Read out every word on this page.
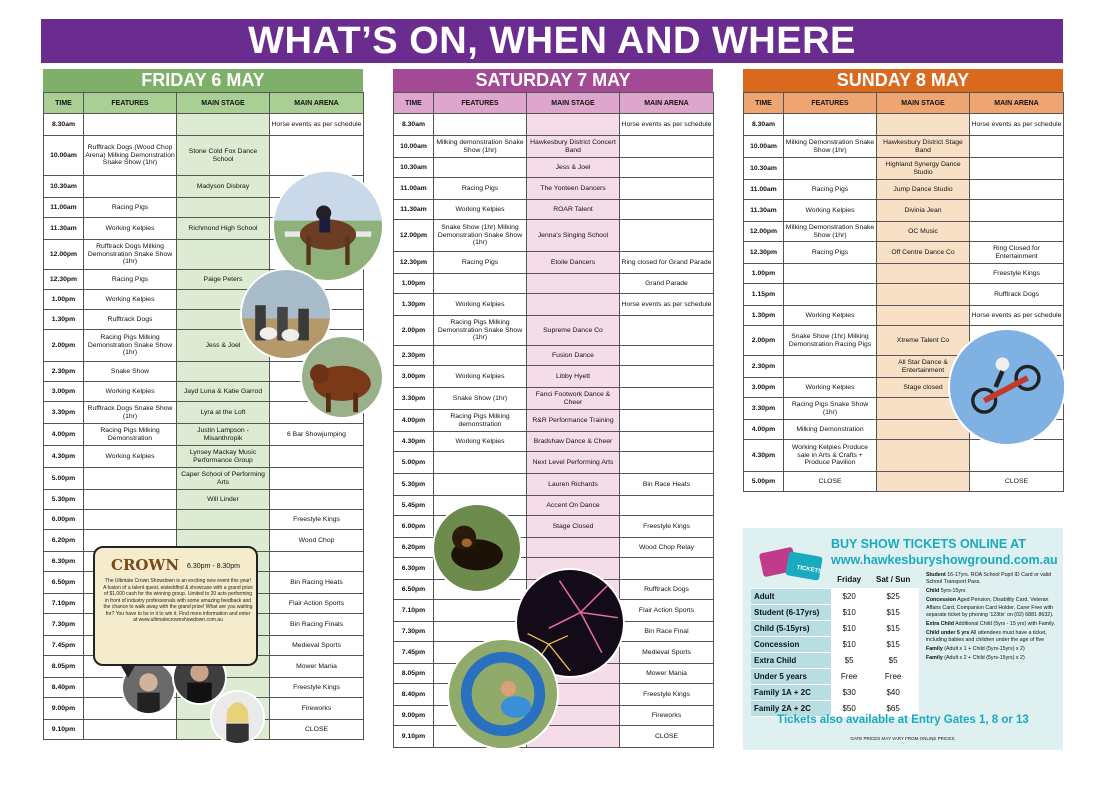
WHAT’S ON, WHEN AND WHERE
FRIDAY 6 MAY
TIME	FEATURES	MAIN STAGE	MAIN ARENA
8.30am			Horse events as per schedule
10.00am	Rufftrack Dogs (Wood Chop Arena) Milking Demonstration Snake Show (1hr)	Stone Cold Fox Dance School	
10.30am		Madyson Disbray	
11.00am	Racing Pigs		
11.30am	Working Kelpies	Richmond High School	
12.00pm	Rufftrack Dogs Milking Demonstration Snake Show (1hr)		
12.30pm	Racing Pigs	Paige Peters	
1.00pm	Working Kelpies		
1.30pm	Rufftrack Dogs		
2.00pm	Racing Pigs Milking Demonstration Snake Show (1hr)	Jess & Joel	
2.30pm	Snake Show		
3.00pm	Working Kelpies	Jayd Luna & Katie Garrod	
3.30pm	Rufftrack Dogs Snake Show (1hr)	Lyra at the Loft	
4.00pm	Racing Pigs Milking Demonstration	Justin Lampson - Misanthropik	6 Bar Showjumping
4.30pm	Working Kelpies	Lynsey Mackay Music Performance Group	
5.00pm		Caper School of Performing Arts	
5.30pm		Will Linder	
6.00pm			Freestyle Kings
6.20pm			Wood Chop
6.30pm			
6.50pm			Bin Racing Heats
7.10pm			Flair Action Sports
7.30pm			Bin Racing Finals
7.45pm			Medieval Sports
8.05pm			Mower Mania
8.40pm			Freestyle Kings
9.00pm			Fireworks
9.10pm			CLOSE
SATURDAY 7 MAY
TIME	FEATURES	MAIN STAGE	MAIN ARENA
8.30am			Horse events as per schedule
10.00am	Milking demonstration Snake Show (1hr)	Hawkesbury District Concert Band	
10.30am		Jess & Joel	
11.00am	Racing Pigs	The Yonteen Dancers	
11.30am	Working Kelpies	ROAR Talent	
12.00pm	Snake Show (1hr) Milking Demonstration Snake Show (1hr)	Jenna's Singing School	
12.30pm	Racing Pigs	Etoile Dancers	Ring closed for Grand Parade
1.00pm			Grand Parade
1.30pm	Working Kelpies		Horse events as per schedule
2.00pm	Racing Pigs Milking Demonstration Snake Show (1hr)	Supreme Dance Co	
2.30pm		Fusion Dance	
3.00pm	Working Kelpies	Libby Hyett	
3.30pm	Snake Show (1hr)	Fanci Footwork Dance & Cheer	
4.00pm	Racing Pigs Milking demonstration	R&R Performance Training	
4.30pm	Working Kelpies	Bradshaw Dance & Cheer	
5.00pm		Next Level Performing Arts	
5.30pm		Lauren Richards	Bin Race Heats
5.45pm		Accent On Dance	
6.00pm		Stage Closed	Freestyle Kings
6.20pm			Wood Chop Relay
6.30pm			
6.50pm			Rufftrack Dogs
7.10pm			Flair Action Sports
7.30pm			Bin Race Final
7.45pm			Medieval Sports
8.05pm			Mower Mania
8.40pm			Freestyle Kings
9.00pm			Fireworks
9.10pm			CLOSE
SUNDAY 8 MAY
TIME	FEATURES	MAIN STAGE	MAIN ARENA
8.30am			Horse events as per schedule
10.00am	Milking Demonstration Snake Show (1hr)	Hawkesbury District Stage Band	
10.30am		Highland Synergy Dance Studio	
11.00am	Racing Pigs	Jump Dance Studio	
11.30am	Working Kelpies	Divinia Jean	
12.00pm	Milking Demonstration Snake Show (1hr)	OC Music	
12.30pm	Racing Pigs	Off Centre Dance Co	Ring Closed for Entertainment
1.00pm			Freestyle Kings
1.15pm			Rufftrack Dogs
1.30pm	Working Kelpies		Horse events as per schedule
2.00pm	Snake Show (1hr) Milking Demonstration Racing Pigs	Xtreme Talent Co	
2.30pm		All Star Dance & Entertainment	
3.00pm	Working Kelpies	Stage closed	
3.30pm	Racing Pigs Snake Show (1hr)		
4.00pm	Milking Demonstration		
4.30pm	Working Kelpies Produce sale in Arts & Crafts + Produce Pavilion		
5.00pm	CLOSE		CLOSE
CROWN 6.30pm - 8.30pm
The Ultimate Crown Showdown is an exciting new event this year! A fusion of a talent quest, eisteddfod & showcase with a grand prize of $1,000 cash for the winning group. Limited to 20 acts performing in front of industry professionals with some amazing feedback and the chance to walk away with the grand prize! What are you waiting for? You have to be in it to win it. Find more information and enter at www.ultimatecrownshowdown.com.au
TICKETS
BUY SHOW TICKETS ONLINE AT
www.hawkesburyshowground.com.au
	Friday	Sat / Sun
Adult	$20	$25
Student (6-17yrs)	$10	$15
Child (5-15yrs)	$10	$15
Concession	$10	$15
Extra Child	$5	$5
Under 5 years	Free	Free
Family 1A + 2C	$30	$40
Family 2A + 2C	$50	$65
Student 16-17yrs. ROA School Pupil ID Card or valid School Transport Pass.
Child 5yrs-15yrs
Concession Aged Pension, Disability Card, Veteran Affairs Card, Companion Card Holder. Carer Free with separate ticket by phoning '123tix' on (02) 6881 8632).
Extra Child Additional Child (5yrs - 15 yrs) with Family.
Child under 5 yrs All attendees must have a ticket, including babies and children under the age of five
Family (Adult x 1 + Child (5yrs-15yrs) x 2)
Family (Adult x 2 + Child (5yrs-15yrs) x 2)
Tickets also available at Entry Gates 1, 8 or 13
GATE PRICES MAY VARY FROM ONLINE PRICES.
